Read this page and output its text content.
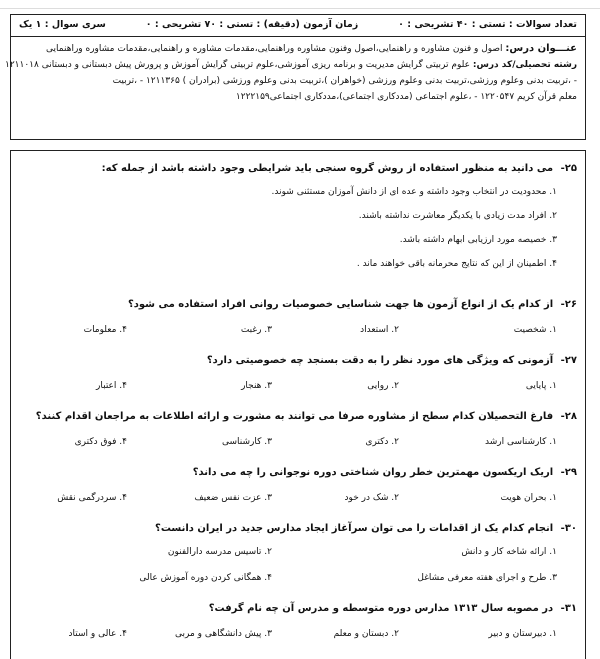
تعداد سوالات : تستی : ۴۰ تشریحی : ۰
زمان آزمون (دقیقه) : تستی : ۷۰ تشریحی : ۰
سری سوال : ۱ یک
عنـــوان درس: اصول و فنون مشاوره و راهنمایی،اصول وفنون مشاوره وراهنمایی،مقدمات مشاوره و راهنمایی،مقدمات مشاوره وراهنمایی
رشته تحصیلی/کد درس: علوم تربیتی گرایش مدیریت و برنامه ریزی آموزشی،علوم تربیتی گرایش آموزش و پرورش پیش دبستانی و دبستانی ۱۲۱۱۰۱۸
- ،تربیت بدنی وعلوم ورزشی،تربیت بدنی وعلوم ورزشی (خواهران )،تربیت بدنی وعلوم ورزشی (برادران ) ۱۲۱۱۳۶۵ - ،تربیت
معلم قرآن کریم ۱۲۲۰۵۴۷ - ،علوم اجتماعی (مددکاری اجتماعی)،مددکاری اجتماعی۱۲۲۲۱۵۹
۲۵- می دانید به منظور استفاده از روش گروه سنجی باید شرایطی وجود داشته باشد از جمله که:
۱. محدودیت در انتخاب وجود داشته و عده ای از دانش آموزان مستثنی شوند.
۲. افراد مدت زیادی با یکدیگر معاشرت نداشته باشند.
۳. خصیصه مورد ارزیابی ابهام داشته باشد.
۴. اطمینان از این که نتایج محرمانه باقی خواهند ماند .
۲۶- از کدام یک از انواع آزمون ها جهت شناسایی خصوصیات روانی افراد استفاده می شود؟
۱. شخصیت
۲. استعداد
۳. رغبت
۴. معلومات
۲۷- آزمونی که ویژگی های مورد نظر را به دقت بسنجد چه خصوصیتی دارد؟
۱. پایایی
۲. روایی
۳. هنجار
۴. اعتبار
۲۸- فارغ التحصیلان کدام سطح از مشاوره صرفا می توانند به مشورت و ارائه اطلاعات به مراجعان اقدام کنند؟
۱. کارشناسی ارشد
۲. دکتری
۳. کارشناسی
۴. فوق دکتری
۲۹- اریک اریکسون مهمترین خطر روان شناختی دوره نوجوانی را چه می داند؟
۱. بحران هویت
۲. شک در خود
۳. عزت نفس ضعیف
۴. سردرگمی نقش
۳۰- انجام کدام یک از اقدامات را می توان سرآغاز ایجاد مدارس جدید در ایران دانست؟
۱. ارائه شاخه کار و دانش
۲. تاسیس مدرسه دارالفنون
۳. طرح و اجرای هفته معرفی مشاغل
۴. همگانی کردن دوره آموزش عالی
۳۱- در مصوبه سال ۱۳۱۳ مدارس دوره متوسطه و مدرس آن چه نام گرفت؟
۱. دبیرستان و دبیر
۲. دبستان و معلم
۳. پیش دانشگاهی و مربی
۴. عالی و استاد
